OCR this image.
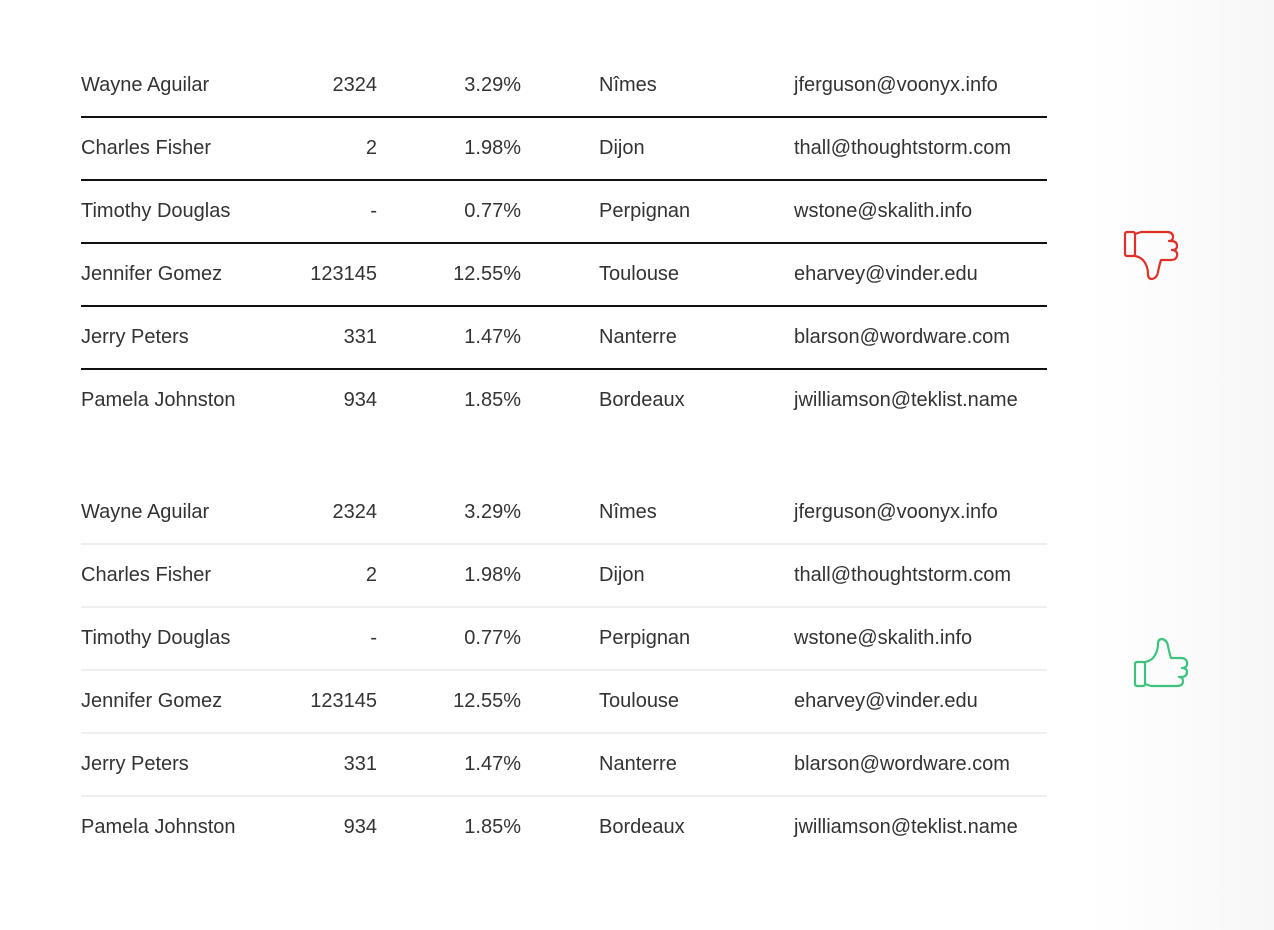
Wayne Aguilar	2324	3.29%	Nîmes	jferguson@voonyx.info
Charles Fisher	2	1.98%	Dijon	thall@thoughtstorm.com
Timothy Douglas	-	0.77%	Perpignan	wstone@skalith.info
Jennifer Gomez	123145	12.55%	Toulouse	eharvey@vinder.edu
Jerry Peters	331	1.47%	Nanterre	blarson@wordware.com
Pamela Johnston	934	1.85%	Bordeaux	jwilliamson@teklist.name
Wayne Aguilar	2324	3.29%	Nîmes	jferguson@voonyx.info
Charles Fisher	2	1.98%	Dijon	thall@thoughtstorm.com
Timothy Douglas	-	0.77%	Perpignan	wstone@skalith.info
Jennifer Gomez	123145	12.55%	Toulouse	eharvey@vinder.edu
Jerry Peters	331	1.47%	Nanterre	blarson@wordware.com
Pamela Johnston	934	1.85%	Bordeaux	jwilliamson@teklist.name
